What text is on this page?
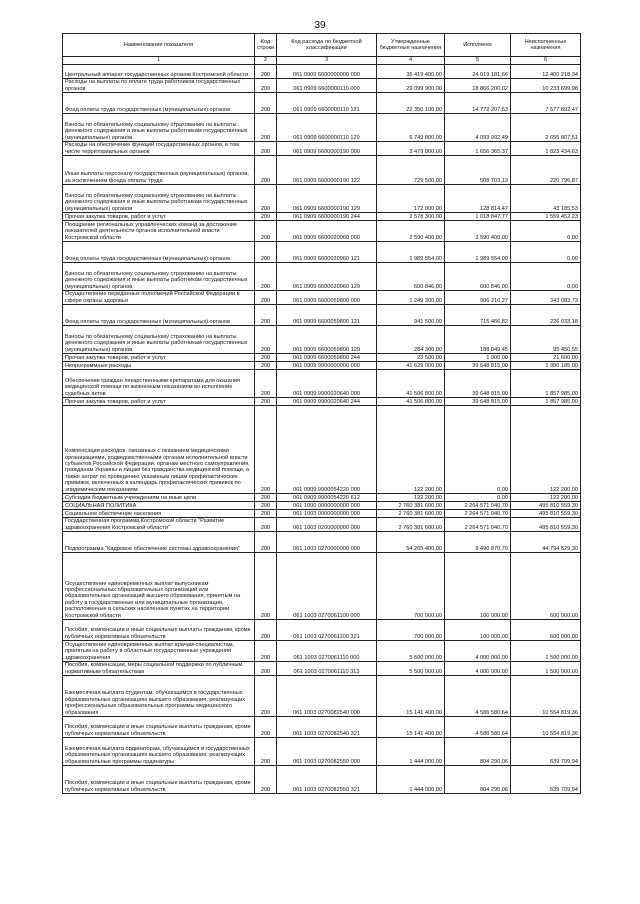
39
Наименование показателя	Код строки	Код расхода по бюджетной классификации	Утвержденные бюджетные назначения	Исполнено	Неисполненные назначения
1	2	3	4	5	6
Центральный аппарат государственных органов Костромской области	200	061 0909 6600000000 000	36 419 400,00	24 019 181,66	12 400 218,34
Расходы на выплаты по оплате труда работников государственных органов	200	061 0909 6600000110 000	29 099 900,00	18 866 200,02	10 233 699,98
Фонд оплаты труда государственных (муниципальных) органов	200	061 0909 6600000110 121	22 350 100,00	14 772 207,53	7 577 892,47
Взносы по обязательному социальному страхованию на выплаты денежного содержания и иные выплаты работникам государственных (муниципальных) органов	200	061 0909 6600000110 129	6 749 800,00	4 093 992,49	2 655 807,51
Расходы на обеспечение функций государственных органов, в том числе территориальных органов	200	061 0909 6600000190 000	3 479 800,00	1 656 365,37	1 823 434,63
Иные выплаты персоналу государственных (муниципальных) органов, за исключением фонда оплаты труда	200	061 0909 6600000190 122	729 500,00	508 703,13	220 796,87
Взносы по обязательному социальному страхованию на выплаты денежного содержания и иные выплаты работникам государственных (муниципальных) органов	200	061 0909 6600000190 129	172 000,00	128 814,47	43 185,53
Прочая закупка товаров, работ и услуг	200	061 0909 6600000190 244	2 578 300,00	1 018 847,77	1 559 452,23
Поощрение региональных управленческих команд за достижение показателей деятельности органов исполнительной власти Костромской области	200	061 0909 6600020960 000	2 590 400,00	2 590 400,00	0,00
Фонд оплаты труда государственных (муниципальных) органов	200	061 0909 6600020960 121	1 989 554,00	1 989 554,00	0,00
Взносы по обязательному социальному страхованию на выплаты денежного содержания и иные выплаты работникам государственных (муниципальных) органов	200	061 0909 6600020960 129	600 846,00	600 846,00	0,00
Осуществление переданных полномочий Российской Федерации в сфере охраны здоровья	200	061 0909 6600059800 000	1 249 300,00	906 216,27	343 083,73
Фонд оплаты труда государственных (муниципальных) органов	200	061 0909 6600059800 121	941 500,00	715 466,82	226 033,18
Взносы по обязательному социальному страхованию на выплаты денежного содержания и иные выплаты работникам государственных (муниципальных) органов	200	061 0909 6600059800 129	284 300,00	188 849,45	95 450,55
Прочая закупка товаров, работ и услуг	200	061 0909 6600059800 244	23 500,00	1 900,00	21 600,00
Непрограммные расходы	200	061 0909 9900000000 000	41 629 000,00	39 648 815,00	1 980 185,00
Обеспечение граждан лекарственными препаратами для оказания медицинской помощи по жизненным показаниям во исполнение судебных актов	200	061 0909 9900020640 000	41 506 800,00	39 648 815,00	1 857 985,00
Прочая закупка товаров, работ и услуг	200	061 0909 9900020640 244	41 506 800,00	39 648 815,00	1 857 985,00
Компенсация расходов, связанных с оказанием медицинскими организациями, подведомственными органам исполнительной власти субъектов Российской Федерации, органам местного самоуправления, гражданам Украины и лицам без гражданства медицинской помощи, а также затрат по проведению указанным лицам профилактических прививок, включенных в календарь профилактических прививок по эпидемическим показаниям	200	061 0909 9900054220 000	122 200,00	0,00	122 200,00
Субсидии бюджетным учреждениям на иные цели	200	061 0909 9900054220 612	122 200,00	0,00	122 200,00
СОЦИАЛЬНАЯ ПОЛИТИКА	200	061 1000 0000000000 000	2 760 381 600,00	2 264 571 040,70	495 810 559,30
Социальное обеспечение населения	200	061 1003 0000000000 000	2 760 381 600,00	2 264 571 040,70	495 810 559,30
Государственная программа Костромской области "Развитие здравоохранения Костромской области"	200	061 1003 0200000000 000	2 760 381 600,00	2 264 571 040,70	495 810 559,30
Подпрограмма "Кадровое обеспечение системы здравоохранения"	200	061 1003 0270000000 000	54 265 400,00	9 490 870,70	44 794 529,30
Осуществление единовременных выплат выпускникам профессиональных образовательных организаций или образовательных организаций высшего образования, принятым на работу в государственные или муниципальные организации, расположенные в сельских населенных пунктах на территории Костромской области	200	061 1003 0270061100 000	700 000,00	100 000,00	600 000,00
Пособия, компенсации и иные социальные выплаты гражданам, кроме публичных нормативных обязательств	200	061 1003 0270061100 321	700 000,00	100 000,00	600 000,00
Осуществление единовременных выплат врачам-специалистам, принятым на работу в областные государственные учреждения здравоохранения	200	061 1003 0270061110 000	5 500 000,00	4 000 000,00	1 500 000,00
Пособия, компенсации, меры социальной поддержки по публичным нормативным обязательствам	200	061 1003 0270061110 313	5 500 000,00	4 000 000,00	1 500 000,00
Ежемесячная выплата студентам, обучающимся в государственных образовательных организациях высшего образования, реализующих профессиональные образовательные программы медицинского образования	200	061 1003 0270082540 000	15 141 400,00	4 586 580,64	10 554 819,36
Пособия, компенсации и иные социальные выплаты гражданам, кроме публичных нормативных обязательств	200	061 1003 0270082540 321	15 141 400,00	4 586 580,64	10 554 819,36
Ежемесячная выплата ординаторам, обучающимся в государственных образовательных организациях высшего образования, реализующих образовательные программы ординатуры	200	061 1003 0270082550 000	1 444 000,00	804 290,06	639 709,94
Пособия, компенсации и иные социальные выплаты гражданам, кроме публичных нормативных обязательств	200	061 1003 0270082550 321	1 444 000,00	804 290,06	639 709,94
